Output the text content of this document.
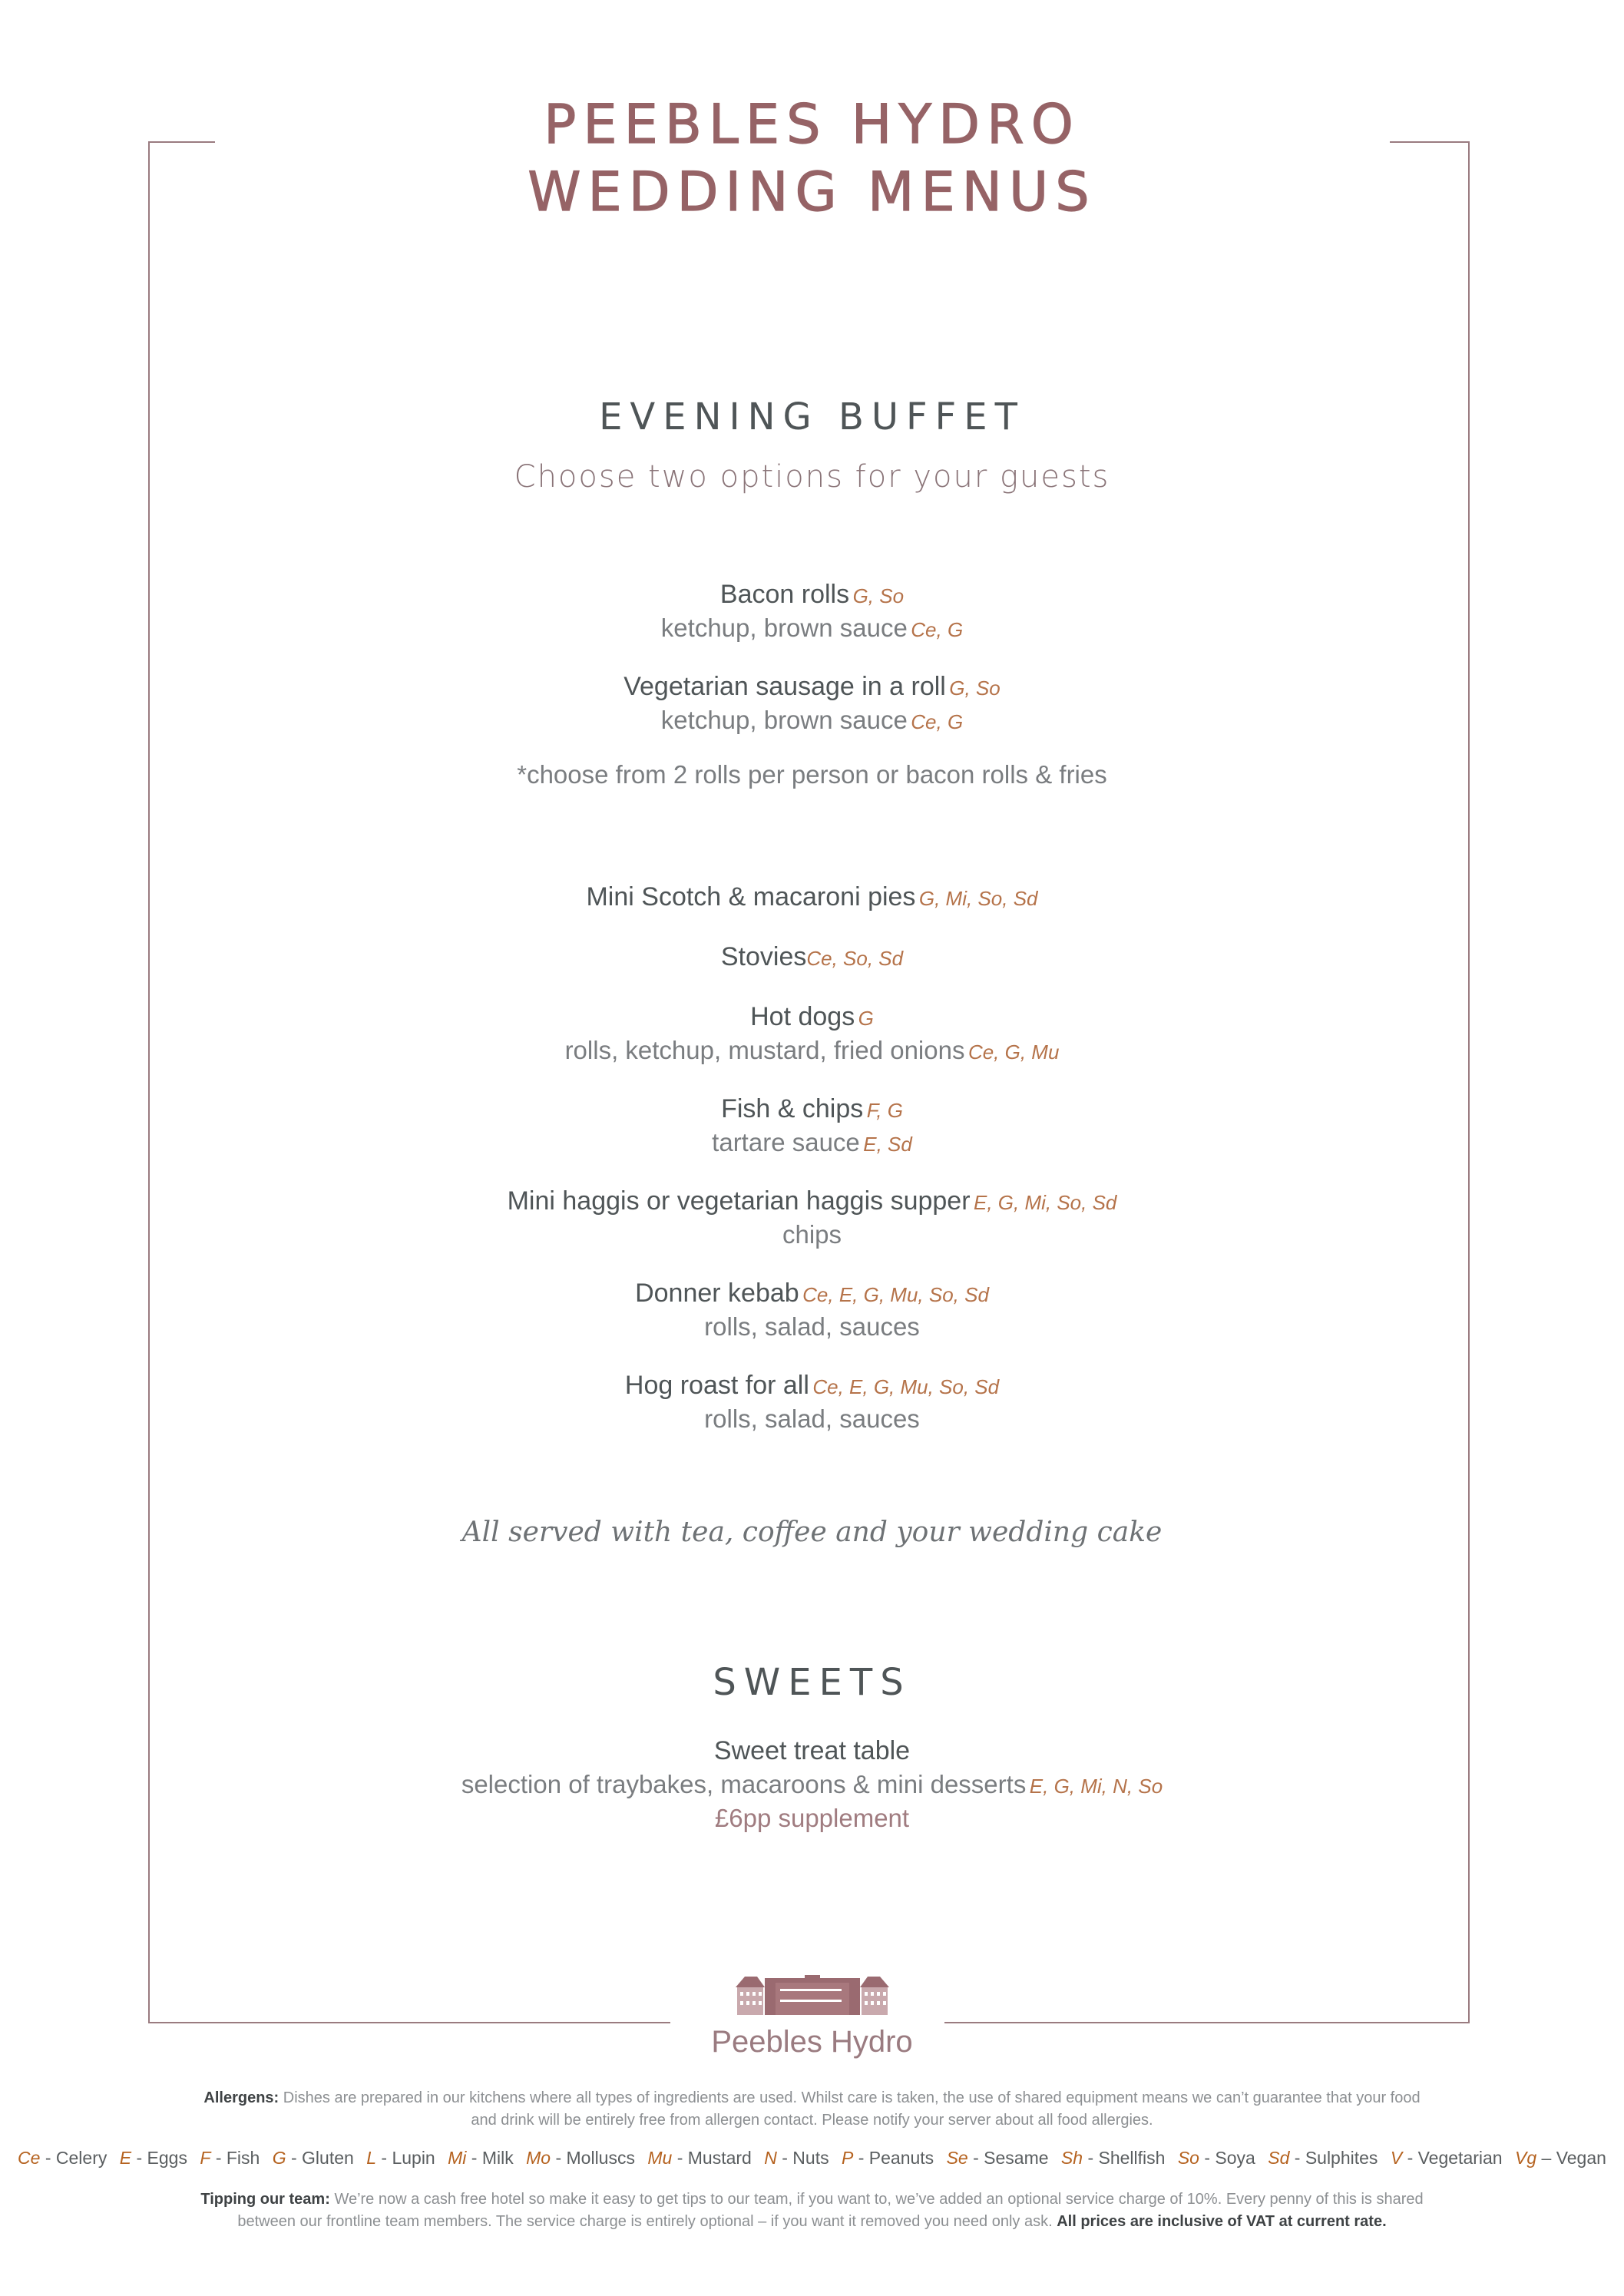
PEEBLES HYDRO
WEDDING MENUS
EVENING BUFFET
Choose two options for your guests
Bacon rolls G, So
ketchup, brown sauce Ce, G
Vegetarian sausage in a roll G, So
ketchup, brown sauce Ce, G
*choose from 2 rolls per person or bacon rolls & fries
Mini Scotch & macaroni pies G, Mi, So, Sd
StoviesCe, So, Sd
Hot dogs G
rolls, ketchup, mustard, fried onions Ce, G, Mu
Fish & chips F, G
tartare sauce E, Sd
Mini haggis or vegetarian haggis supper E, G, Mi, So, Sd
chips
Donner kebab Ce, E, G, Mu, So, Sd
rolls, salad, sauces
Hog roast for all Ce, E, G, Mu, So, Sd
rolls, salad, sauces
All served with tea, coffee and your wedding cake
SWEETS
Sweet treat table
selection of traybakes, macaroons & mini desserts E, G, Mi, N, So
£6pp supplement
Peebles Hydro

Allergens: Dishes are prepared in our kitchens where all types of ingredients are used. Whilst care is taken, the use of shared equipment means we can’t guarantee that your food

and drink will be entirely free from allergen contact. Please notify your server about all food allergies.

Ce - Celery E - Eggs F - Fish G - Gluten L - Lupin Mi - Milk Mo - Molluscs Mu - Mustard N - Nuts P - Peanuts Se - Sesame Sh - Shellfish So - Soya Sd - Sulphites V - Vegetarian Vg – Vegan

Tipping our team: We’re now a cash free hotel so make it easy to get tips to our team, if you want to, we’ve added an optional service charge of 10%. Every penny of this is shared

between our frontline team members. The service charge is entirely optional – if you want it removed you need only ask. All prices are inclusive of VAT at current rate.
